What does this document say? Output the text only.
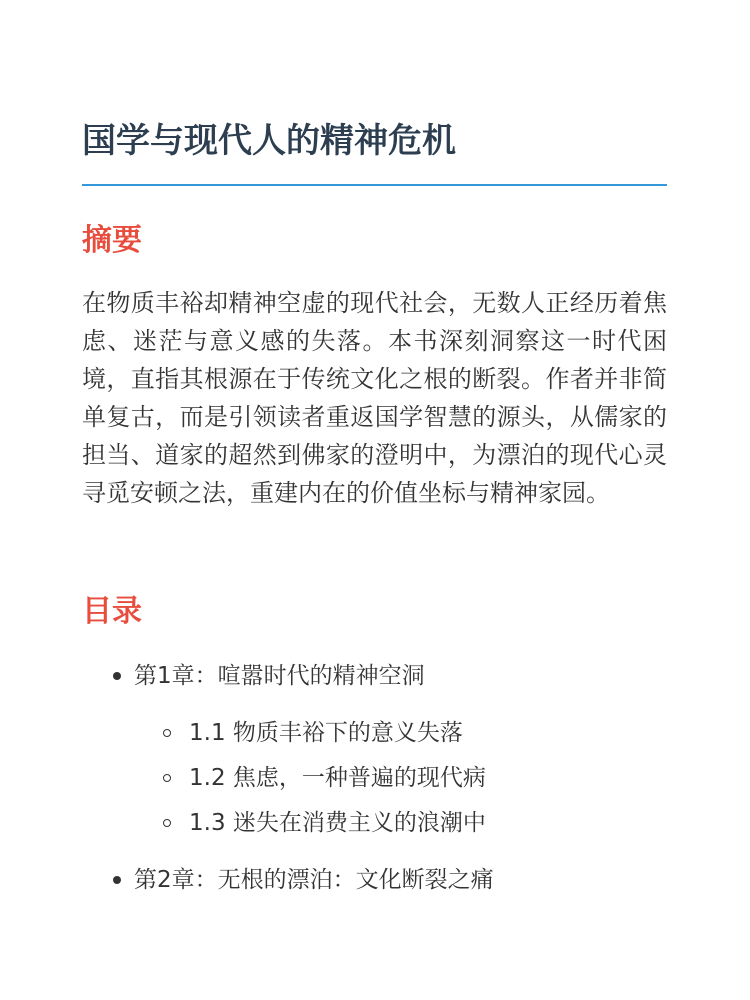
国学与现代人的精神危机
摘要

在物质丰裕却精神空虚的现代社会，无数人正经历着焦虑、迷茫与意义感的失落。本书深刻洞察这一时代困境，直指其根源在于传统文化之根的断裂。作者并非简单复古，而是引领读者重返国学智慧的源头，从儒家的担当、道家的超然到佛家的澄明中，为漂泊的现代心灵寻觅安顿之法，重建内在的价值坐标与精神家园。

目录
第1章：喧嚣时代的精神空洞
1.1 物质丰裕下的意义失落
1.2 焦虑，一种普遍的现代病
1.3 迷失在消费主义的浪潮中
第2章：无根的漂泊：文化断裂之痛
